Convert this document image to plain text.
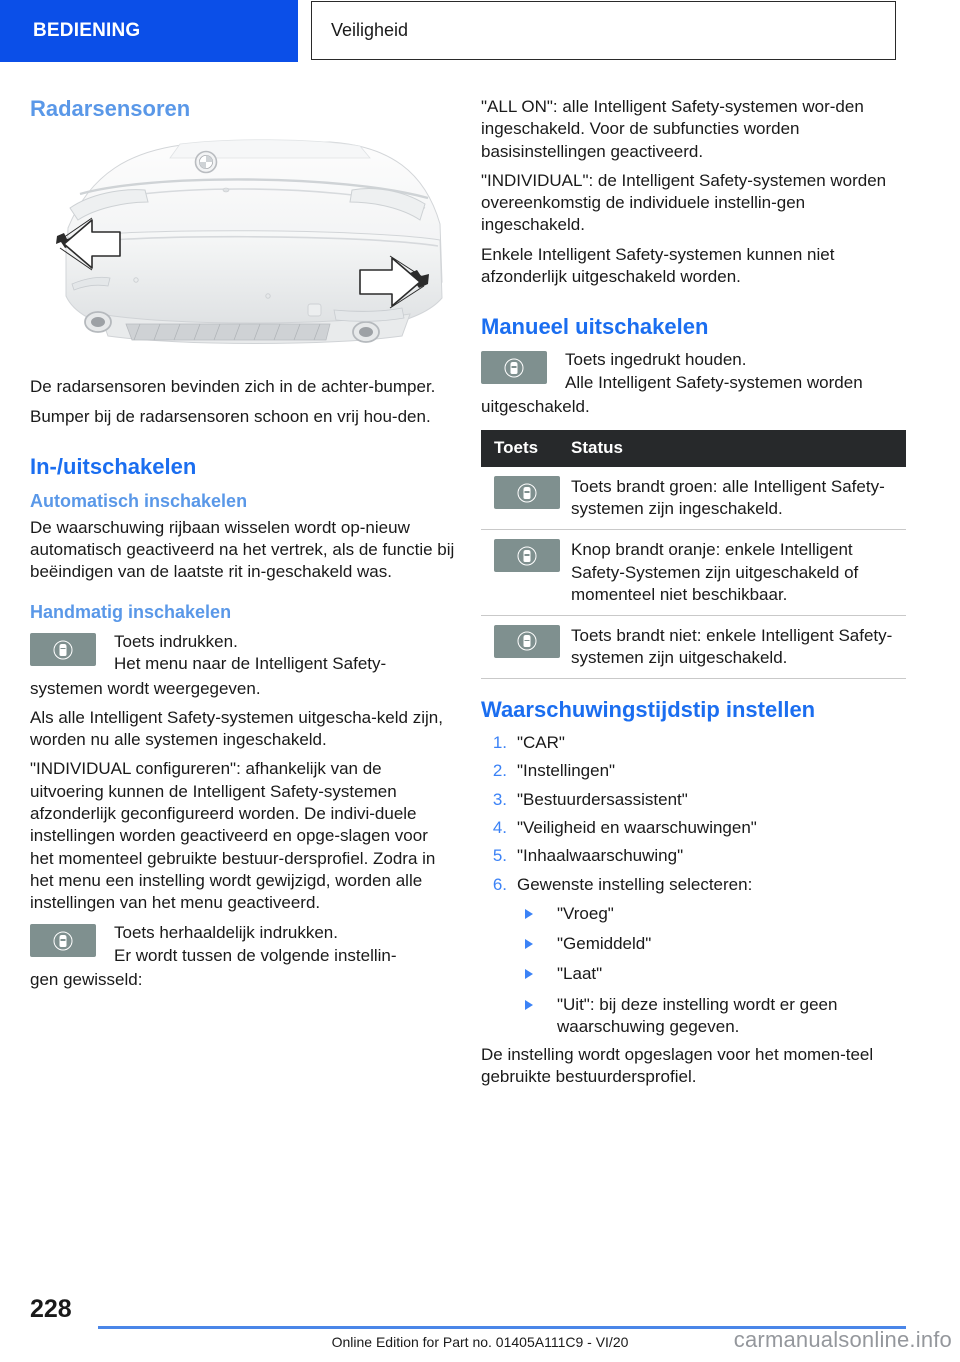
BEDIENING	Veiligheid
Radarsensoren

De radarsensoren bevinden zich in de achter-bumper.

Bumper bij de radarsensoren schoon en vrij hou-den.

In-/uitschakelen
Automatisch inschakelen

De waarschuwing rijbaan wisselen wordt op-nieuw automatisch geactiveerd na het vertrek, als de functie bij beëindigen van de laatste rit in-geschakeld was.

Handmatig inschakelen
Toets indrukken.
Het menu naar de Intelligent Safety-

systemen wordt weergegeven.

Als alle Intelligent Safety-systemen uitgescha-keld zijn, worden nu alle systemen ingeschakeld.

"INDIVIDUAL configureren": afhankelijk van de uitvoering kunnen de Intelligent Safety-systemen afzonderlijk geconfigureerd worden. De indivi-duele instellingen worden geactiveerd en opge-slagen voor het momenteel gebruikte bestuur-dersprofiel. Zodra in het menu een instelling wordt gewijzigd, worden alle instellingen van het menu geactiveerd.

Toets herhaaldelijk indrukken.
Er wordt tussen de volgende instellin-

gen gewisseld:

"ALL ON": alle Intelligent Safety-systemen wor-den ingeschakeld. Voor de subfuncties worden basisinstellingen geactiveerd.

"INDIVIDUAL": de Intelligent Safety-systemen worden overeenkomstig de individuele instellin-gen ingeschakeld.

Enkele Intelligent Safety-systemen kunnen niet afzonderlijk uitgeschakeld worden.

Manueel uitschakelen
Toets ingedrukt houden.
Alle Intelligent Safety-systemen worden

uitgeschakeld.

Toets	Status

	Toets brandt groen: alle Intelligent Safety-systemen zijn ingeschakeld.

	Knop brandt oranje: enkele Intelligent Safety-Systemen zijn uitgeschakeld of momenteel niet beschikbaar.

	Toets brandt niet: enkele Intelligent Safety-systemen zijn uitgeschakeld.
Waarschuwingstijdstip instellen
1. "CAR"
2. "Instellingen"
3. "Bestuurdersassistent"
4. "Veiligheid en waarschuwingen"
5. "Inhaalwaarschuwing"
6. Gewenste instelling selecteren:
"Vroeg"
"Gemiddeld"
"Laat"
"Uit": bij deze instelling wordt er geen waarschuwing gegeven.

De instelling wordt opgeslagen voor het momen-teel gebruikte bestuurdersprofiel.

228
Online Edition for Part no. 01405A111C9 - VI/20	carmanualsonline.info
